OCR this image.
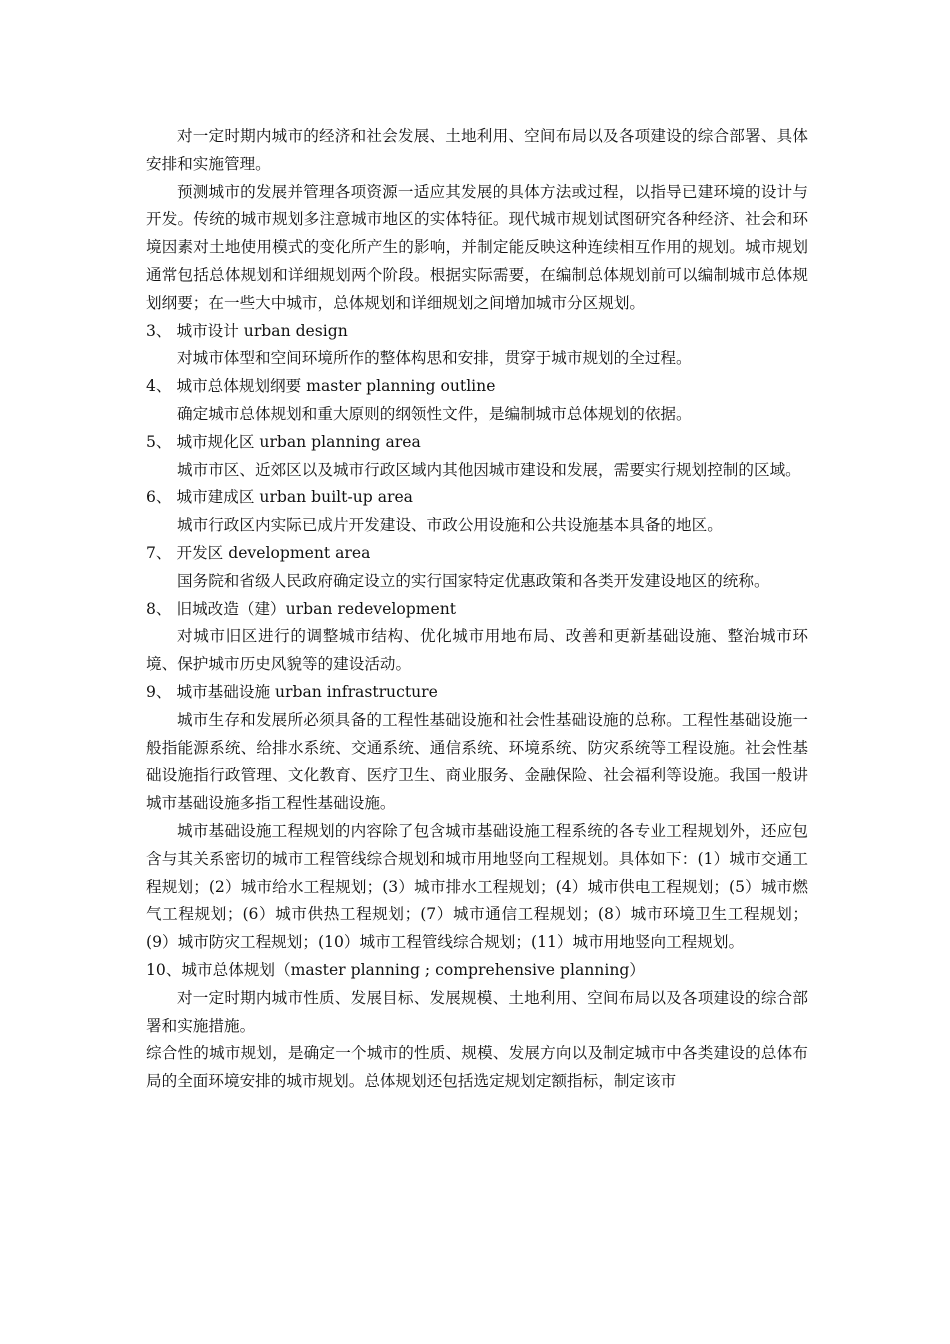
对一定时期内城市的经济和社会发展、土地利用、空间布局以及各项建设的综合部署、具体安排和实施管理。

预测城市的发展并管理各项资源一适应其发展的具体方法或过程，以指导已建环境的设计与开发。传统的城市规划多注意城市地区的实体特征。现代城市规划试图研究各种经济、社会和环境因素对土地使用模式的变化所产生的影响，并制定能反映这种连续相互作用的规划。城市规划通常包括总体规划和详细规划两个阶段。根据实际需要，在编制总体规划前可以编制城市总体规划纲要；在一些大中城市，总体规划和详细规划之间增加城市分区规划。

3、 城市设计 urban design

对城市体型和空间环境所作的整体构思和安排，贯穿于城市规划的全过程。

4、 城市总体规划纲要 master planning outline

确定城市总体规划和重大原则的纲领性文件，是编制城市总体规划的依据。

5、 城市规化区 urban planning area

城市市区、近郊区以及城市行政区域内其他因城市建设和发展，需要实行规划控制的区域。

6、 城市建成区 urban built-up area

城市行政区内实际已成片开发建设、市政公用设施和公共设施基本具备的地区。

7、 开发区 development area

国务院和省级人民政府确定设立的实行国家特定优惠政策和各类开发建设地区的统称。

8、 旧城改造（建）urban redevelopment

对城市旧区进行的调整城市结构、优化城市用地布局、改善和更新基础设施、整治城市环境、保护城市历史风貌等的建设活动。

9、 城市基础设施 urban infrastructure

城市生存和发展所必须具备的工程性基础设施和社会性基础设施的总称。工程性基础设施一般指能源系统、给排水系统、交通系统、通信系统、环境系统、防灾系统等工程设施。社会性基础设施指行政管理、文化教育、医疗卫生、商业服务、金融保险、社会福利等设施。我国一般讲城市基础设施多指工程性基础设施。

城市基础设施工程规划的内容除了包含城市基础设施工程系统的各专业工程规划外，还应包含与其关系密切的城市工程管线综合规划和城市用地竖向工程规划。具体如下：(1）城市交通工程规划；(2）城市给水工程规划；(3）城市排水工程规划；(4）城市供电工程规划；(5）城市燃气工程规划；(6）城市供热工程规划；(7）城市通信工程规划；(8）城市环境卫生工程规划；(9）城市防灾工程规划；(10）城市工程管线综合规划；(11）城市用地竖向工程规划。

10、城市总体规划（master planning ; comprehensive planning）

对一定时期内城市性质、发展目标、发展规模、土地利用、空间布局以及各项建设的综合部署和实施措施。

综合性的城市规划，是确定一个城市的性质、规模、发展方向以及制定城市中各类建设的总体布局的全面环境安排的城市规划。总体规划还包括选定规划定额指标，制定该市
